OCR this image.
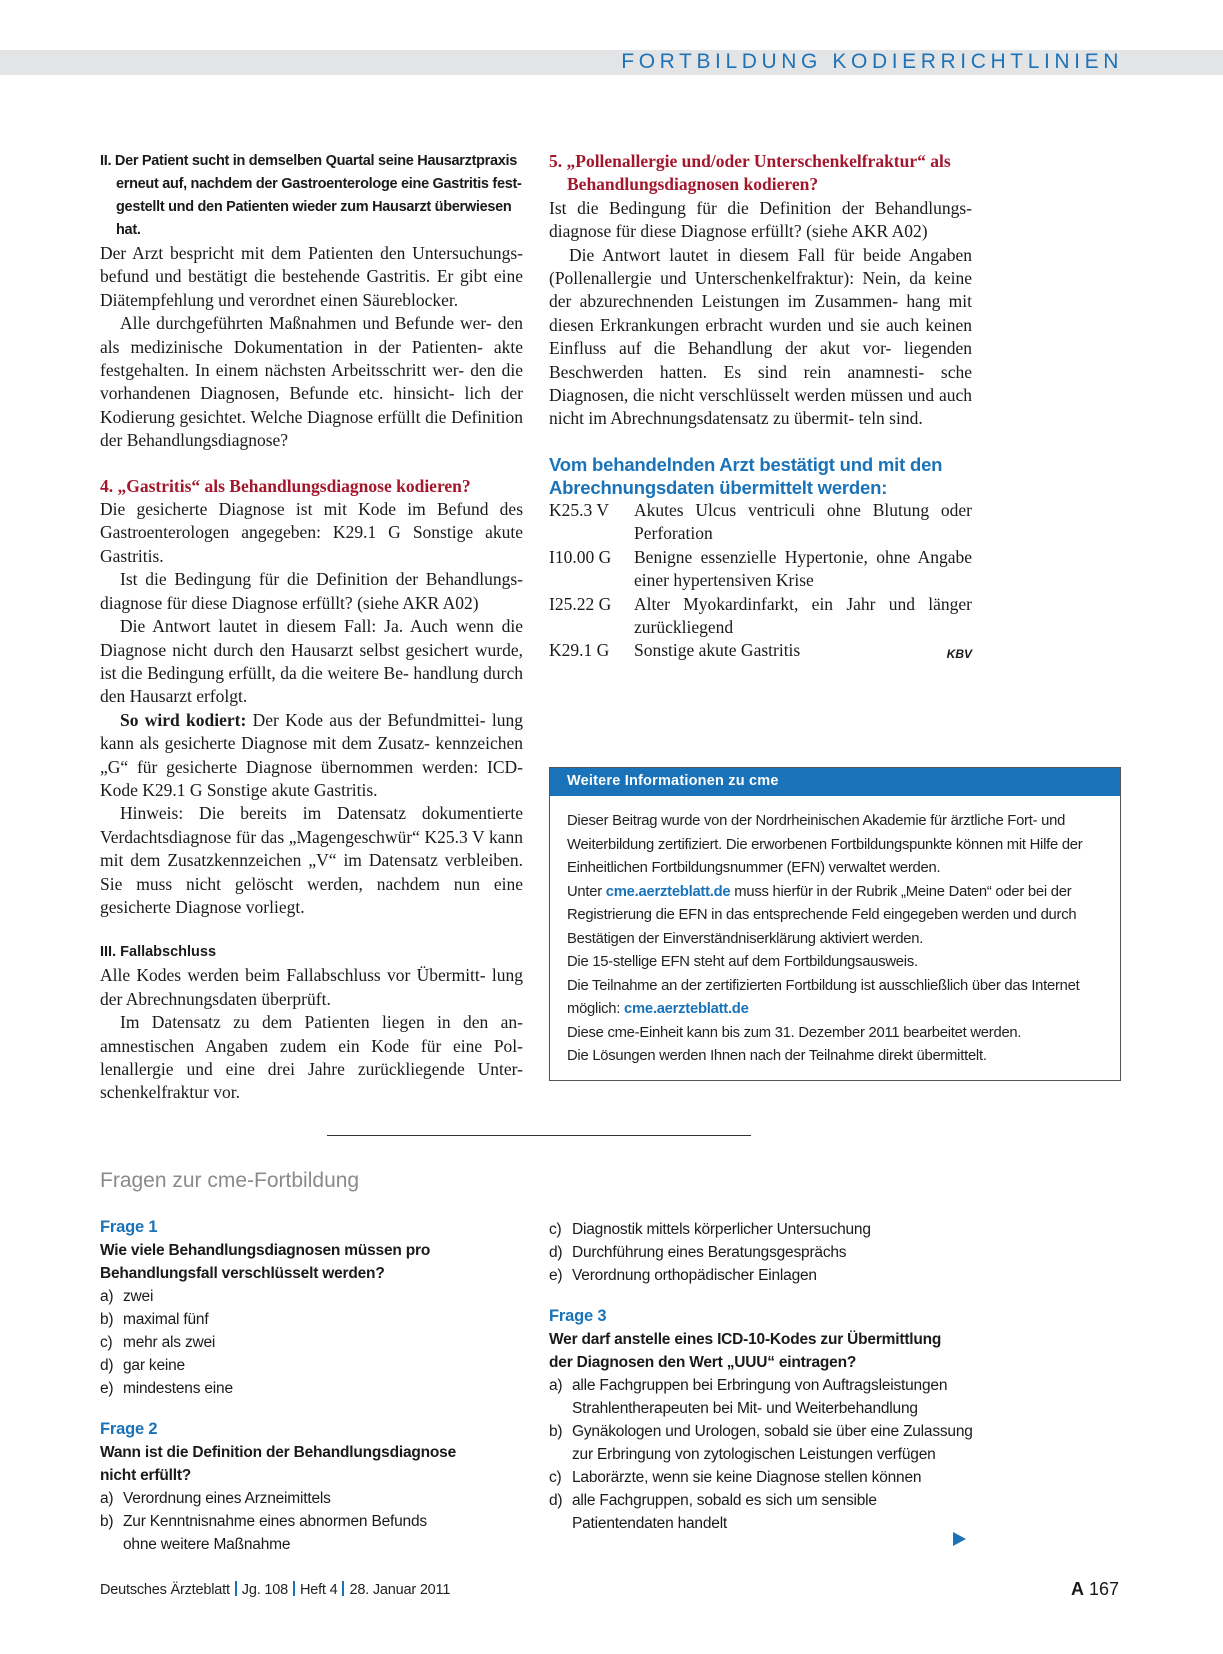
FORTBILDUNG KODIERRICHTLINIEN

II. Der Patient sucht in demselben Quartal seine Hausarztpraxis erneut auf, nachdem der Gastroenterologe eine Gastritis fest- gestellt und den Patienten wieder zum Hausarzt überwiesen hat.

Der Arzt bespricht mit dem Patienten den Untersuchungs- befund und bestätigt die bestehende Gastritis. Er gibt eine Diätempfehlung und verordnet einen Säureblocker.

Alle durchgeführten Maßnahmen und Befunde wer- den als medizinische Dokumentation in der Patienten- akte festgehalten. In einem nächsten Arbeitsschritt wer- den die vorhandenen Diagnosen, Befunde etc. hinsicht- lich der Kodierung gesichtet. Welche Diagnose erfüllt die Definition der Behandlungsdiagnose?

4. „Gastritis“ als Behandlungsdiagnose kodieren?

Die gesicherte Diagnose ist mit Kode im Befund des Gastroenterologen angegeben: K29.1 G Sonstige akute Gastritis.

Ist die Bedingung für die Definition der Behandlungs- diagnose für diese Diagnose erfüllt? (siehe AKR A02)

Die Antwort lautet in diesem Fall: Ja. Auch wenn die Diagnose nicht durch den Hausarzt selbst gesichert wurde, ist die Bedingung erfüllt, da die weitere Be- handlung durch den Hausarzt erfolgt.

So wird kodiert: Der Kode aus der Befundmittei- lung kann als gesicherte Diagnose mit dem Zusatz- kennzeichen „G“ für gesicherte Diagnose übernommen werden: ICD-Kode K29.1 G Sonstige akute Gastritis.

Hinweis: Die bereits im Datensatz dokumentierte Verdachtsdiagnose für das „Magengeschwür“ K25.3 V kann mit dem Zusatzkennzeichen „V“ im Datensatz verbleiben. Sie muss nicht gelöscht werden, nachdem nun eine gesicherte Diagnose vorliegt.

III. Fallabschluss

Alle Kodes werden beim Fallabschluss vor Übermitt- lung der Abrechnungsdaten überprüft.

Im Datensatz zu dem Patienten liegen in den an- amnestischen Angaben zudem ein Kode für eine Pol- lenallergie und eine drei Jahre zurückliegende Unter- schenkelfraktur vor.

5. „Pollenallergie und/oder Unterschenkelfraktur“ als Behandlungsdiagnosen kodieren?

Ist die Bedingung für die Definition der Behandlungs- diagnose für diese Diagnose erfüllt? (siehe AKR A02)

Die Antwort lautet in diesem Fall für beide Angaben (Pollenallergie und Unterschenkelfraktur): Nein, da keine der abzurechnenden Leistungen im Zusammen- hang mit diesen Erkrankungen erbracht wurden und sie auch keinen Einfluss auf die Behandlung der akut vor- liegenden Beschwerden hatten. Es sind rein anamnesti- sche Diagnosen, die nicht verschlüsselt werden müssen und auch nicht im Abrechnungsdatensatz zu übermit- teln sind.

Vom behandelnden Arzt bestätigt und mit den Abrechnungsdaten übermittelt werden:

K25.3 V	Akutes Ulcus ventriculi ohne Blutung oder Perforation
I10.00 G	Benigne essenzielle Hypertonie, ohne Angabe einer hypertensiven Krise
I25.22 G	Alter Myokardinfarkt, ein Jahr und länger zurückliegend
K29.1 G	Sonstige akute Gastritis	KBV
Weitere Informationen zu cme

Dieser Beitrag wurde von der Nordrheinischen Akademie für ärztliche Fort- und Weiterbildung zertifiziert. Die erworbenen Fortbildungspunkte können mit Hilfe der Einheitlichen Fortbildungsnummer (EFN) verwaltet werden.

Unter cme.aerzteblatt.de muss hierfür in der Rubrik „Meine Daten“ oder bei der Registrierung die EFN in das entsprechende Feld eingegeben werden und durch Bestätigen der Einverständniserklärung aktiviert werden.

Die 15-stellige EFN steht auf dem Fortbildungsausweis.

Die Teilnahme an der zertifizierten Fortbildung ist ausschließlich über das Internet möglich: cme.aerzteblatt.de

Diese cme-Einheit kann bis zum 31. Dezember 2011 bearbeitet werden.

Die Lösungen werden Ihnen nach der Teilnahme direkt übermittelt.

Fragen zur cme-Fortbildung

Frage 1

Wie viele Behandlungsdiagnosen müssen pro Behandlungsfall verschlüsselt werden?

a) zwei
b) maximal fünf
c) mehr als zwei
d) gar keine
e) mindestens eine

Frage 2

Wann ist die Definition der Behandlungsdiagnose nicht erfüllt?

a) Verordnung eines Arzneimittels
b) Zur Kenntnisnahme eines abnormen Befunds ohne weitere Maßnahme
c) Diagnostik mittels körperlicher Untersuchung
d) Durchführung eines Beratungsgesprächs
e) Verordnung orthopädischer Einlagen

Frage 3

Wer darf anstelle eines ICD-10-Kodes zur Übermittlung der Diagnosen den Wert „UUU“ eintragen?

a) alle Fachgruppen bei Erbringung von Auftragsleistungen Strahlentherapeuten bei Mit- und Weiterbehandlung
b) Gynäkologen und Urologen, sobald sie über eine Zulassung zur Erbringung von zytologischen Leistungen verfügen
c) Laborärzte, wenn sie keine Diagnose stellen können
d) alle Fachgruppen, sobald es sich um sensible Patientendaten handelt
Deutsches Ärzteblatt Jg. 108 Heft 4 28. Januar 2011	A 167
